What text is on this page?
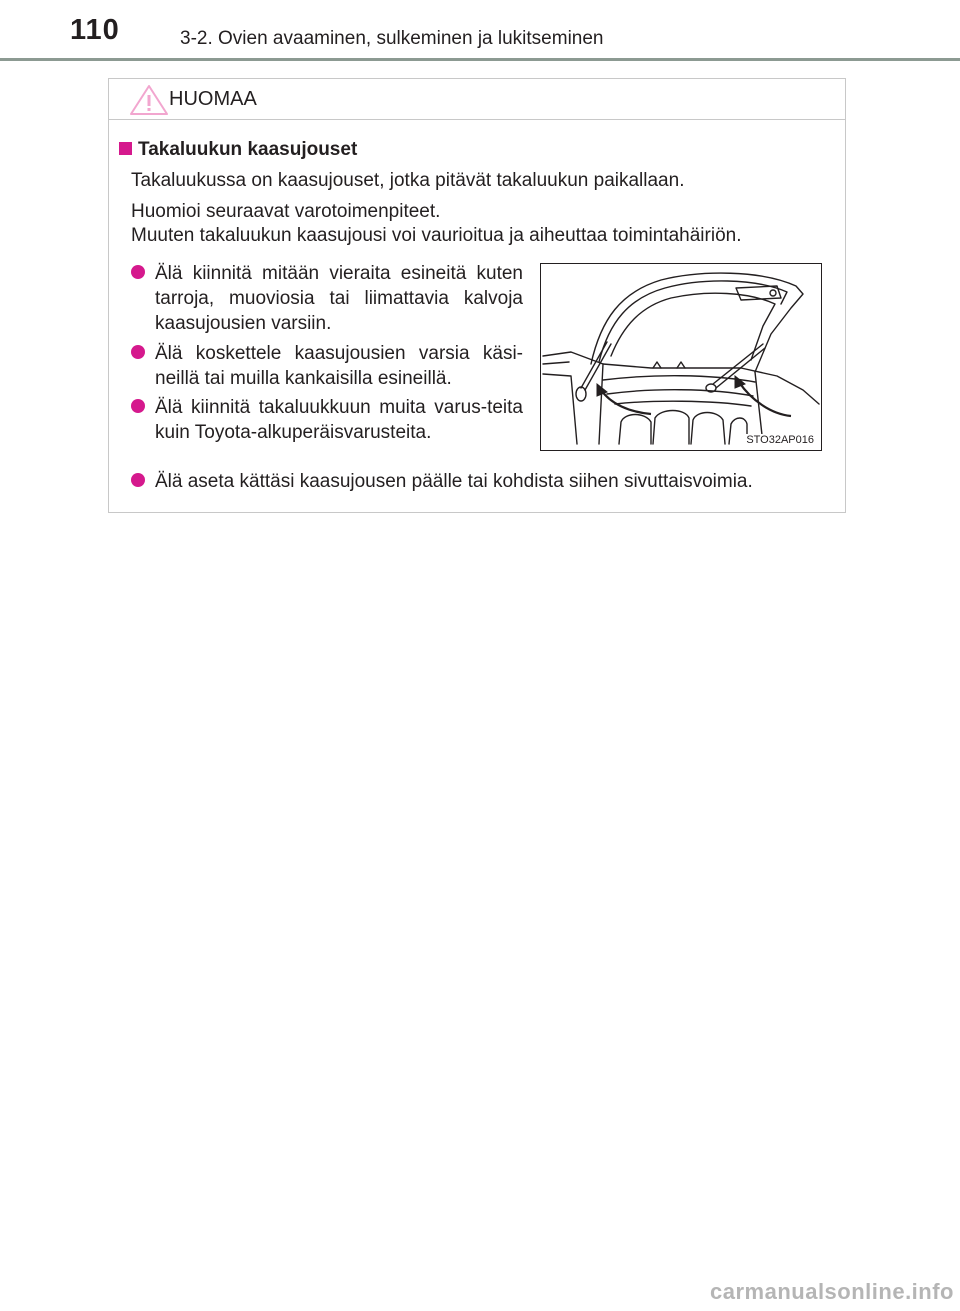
110	3-2. Ovien avaaminen, sulkeminen ja lukitseminen
HUOMAA
Takaluukun kaasujouset

Takaluukussa on kaasujouset, jotka pitävät takaluukun paikallaan.

Huomioi seuraavat varotoimenpiteet.

Muuten takaluukun kaasujousi voi vaurioitua ja aiheuttaa toimintahäiriön.

Älä kiinnitä mitään vieraita esineitä kuten tarroja, muoviosia tai liimattavia kalvoja kaasujousien varsiin.
Älä koskettele kaasujousien varsia käsi-neillä tai muilla kankaisilla esineillä.
Älä kiinnitä takaluukkuun muita varus-teita kuin Toyota-alkuperäisvarusteita.
Älä aseta kättäsi kaasujousen päälle tai kohdista siihen sivuttaisvoimia.
STO32AP016
carmanualsonline.info
